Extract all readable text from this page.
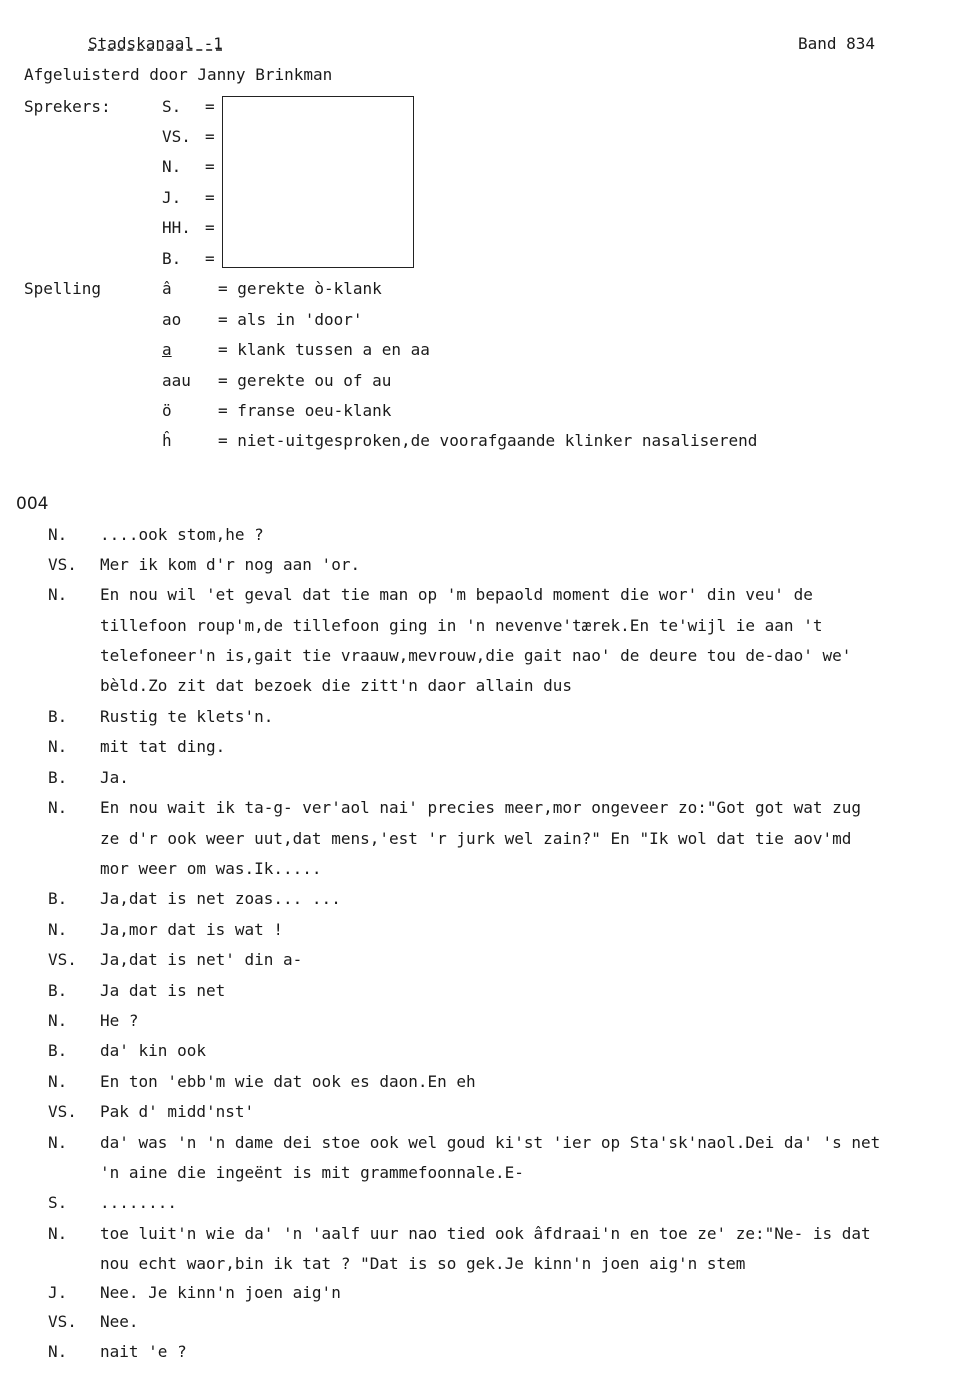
Stadskanaal -1	Band 834
Afgeluisterd door Janny Brinkman
Sprekers:	S.	=
VS. =
N.	=
J.	=
HH. =
B.	=
Spelling	â	= gerekte ò-klank
ao = als in 'door'
a	= klank tussen a en aa
aau = gerekte ou of au
ö	= franse oeu-klank
ĥ	= niet-uitgesproken,de voorafgaande klinker nasaliserend
004
N.	....ook stom,he ?
VS.	Mer ik kom d'r nog aan 'or.
N.	En nou wil 'et geval dat tie man op 'm bepaold moment die wor' din veu' de
tillefoon roup'm,de tillefoon ging in 'n nevenve'tærek.En te'wijl ie aan 't
telefoneer'n is,gait tie vraauw,mevrouw,die gait nao' de deure tou de-dao' we'
bèld.Zo zit dat bezoek die zitt'n daor allain dus
B.	Rustig te klets'n.
N.	mit tat ding.
B.	Ja.
N.	En nou wait ik ta-g- ver'aol nai' precies meer,mor ongeveer zo:"Got got wat zug
ze d'r ook weer uut,dat mens,'est 'r jurk wel zain?" En "Ik wol dat tie aov'md
mor weer om was.Ik.....
B.	Ja,dat is net zoas... ...
N.	Ja,mor dat is wat !
VS.	Ja,dat is net' din a-
B.	Ja dat is net
N.	He ?
B.	da' kin ook
N.	En ton 'ebb'm wie dat ook es daon.En eh
VS.	Pak d' midd'nst'
N.	da' was 'n 'n dame dei stoe ook wel goud ki'st 'ier op Sta'sk'naol.Dei da' 's net
'n aine die ingeënt is mit grammefoonnale.E-
S.	........
N.	toe luit'n wie da' 'n 'aalf uur nao tied ook âfdraai'n en toe ze' ze:"Ne- is dat
nou echt waor,bin ik tat ? "Dat is so gek.Je kinn'n joen aig'n stem
J.	Nee. Je kinn'n joen aig'n
VS.	Nee.
N.	nait 'e ?
